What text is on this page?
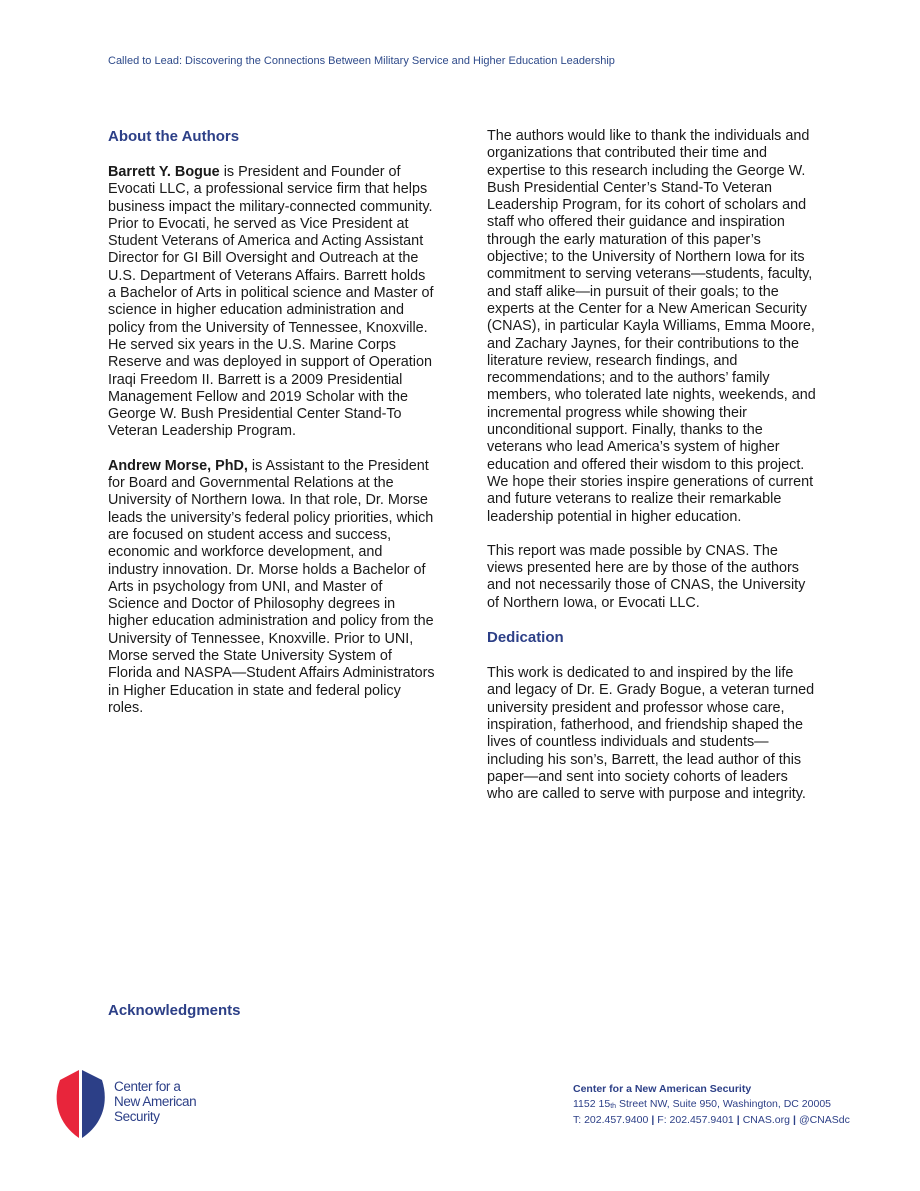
Called to Lead: Discovering the Connections Between Military Service and Higher Education Leadership
About the Authors

Barrett Y. Bogue is President and Founder of Evocati LLC, a professional service firm that helps business impact the military-connected community. Prior to Evocati, he served as Vice President at Student Veterans of America and Acting Assistant Director for GI Bill Oversight and Outreach at the U.S. Department of Veterans Affairs. Barrett holds a Bachelor of Arts in political science and Master of science in higher education administration and policy from the University of Tennessee, Knoxville. He served six years in the U.S. Marine Corps Reserve and was deployed in support of Operation Iraqi Freedom II. Barrett is a 2009 Presidential Management Fellow and 2019 Scholar with the George W. Bush Presidential Center Stand-To Veteran Leadership Program.

Andrew Morse, PhD, is Assistant to the President for Board and Governmental Relations at the University of Northern Iowa. In that role, Dr. Morse leads the university’s federal policy priorities, which are focused on student access and success, economic and workforce development, and industry innovation. Dr. Morse holds a Bachelor of Arts in psychology from UNI, and Master of Science and Doctor of Philosophy degrees in higher education administration and policy from the University of Tennessee, Knoxville. Prior to UNI, Morse served the State University System of Florida and NASPA—Student Affairs Administrators in Higher Education in state and federal policy roles.

The authors would like to thank the individuals and organizations that contributed their time and expertise to this research including the George W. Bush Presidential Center’s Stand-To Veteran Leadership Program, for its cohort of scholars and staff who offered their guidance and inspiration through the early maturation of this paper’s objective; to the University of Northern Iowa for its commitment to serving veterans—students, faculty, and staff alike—in pursuit of their goals; to the experts at the Center for a New American Security (CNAS), in particular Kayla Williams, Emma Moore, and Zachary Jaynes, for their contributions to the literature review, research findings, and recommendations; and to the authors’ family members, who tolerated late nights, weekends, and incremental progress while showing their unconditional support. Finally, thanks to the veterans who lead America’s system of higher education and offered their wisdom to this project. We hope their stories inspire generations of current and future veterans to realize their remarkable leadership potential in higher education.

This report was made possible by CNAS. The views presented here are by those of the authors and not necessarily those of CNAS, the University of Northern Iowa, or Evocati LLC.

Dedication

This work is dedicated to and inspired by the life and legacy of Dr. E. Grady Bogue, a veteran turned university president and professor whose care, inspiration, fatherhood, and friendship shaped the lives of countless individuals and students—including his son’s, Barrett, the lead author of this paper—and sent into society cohorts of leaders who are called to serve with purpose and integrity.

Acknowledgments
Center for a
New American
Security
Center for a New American Security
1152 $15_{th}$ Street NW, Suite 950, Washington, DC 20005
T: 202.457.9400 | F: 202.457.9401 | CNAS.org | @CNASdc
